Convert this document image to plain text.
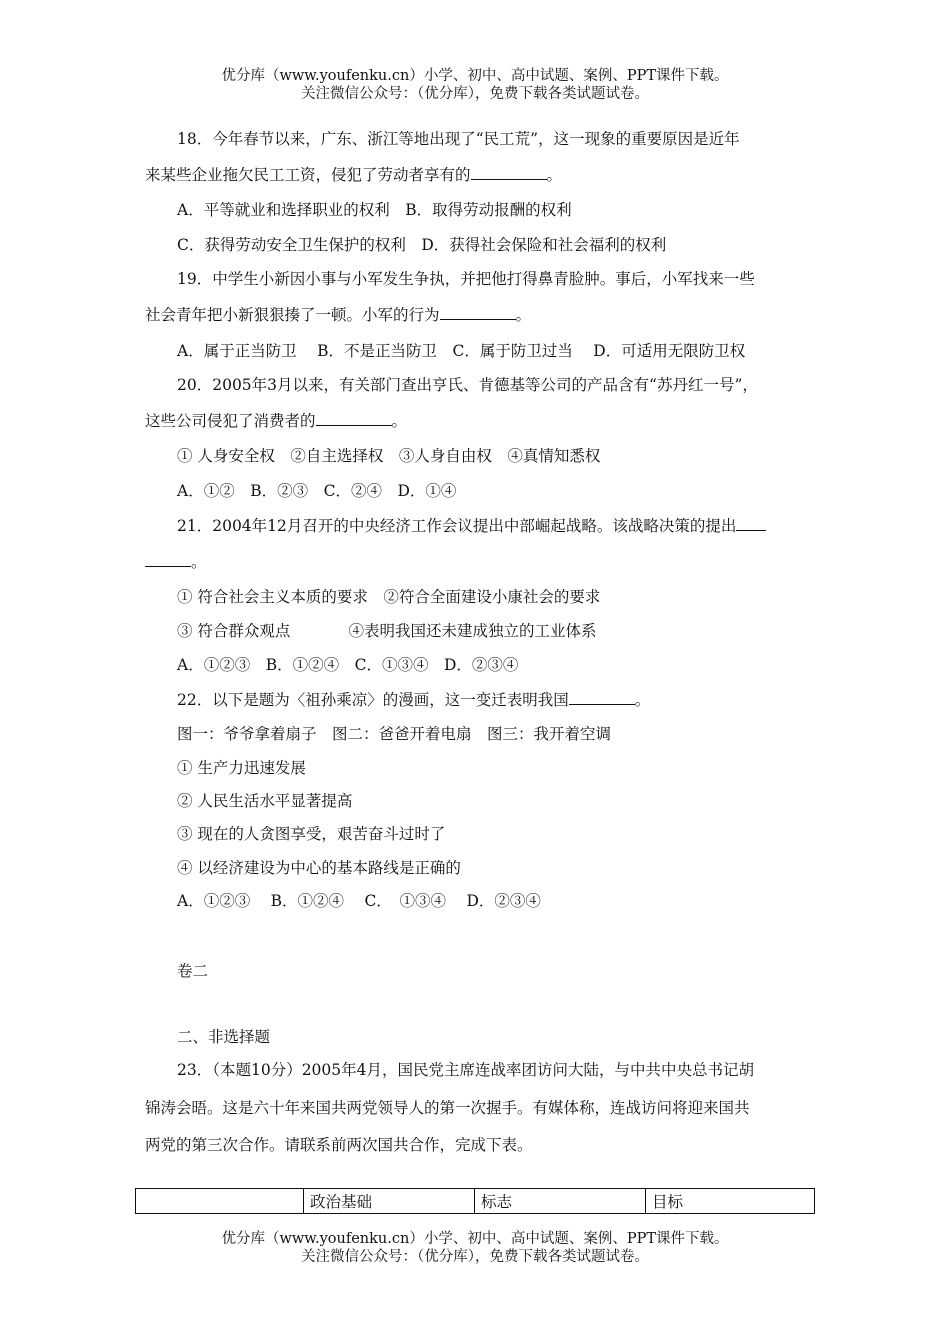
优分库（www.youfenku.cn）小学、初中、高中试题、案例、PPT课件下载。
关注微信公众号：（优分库），免费下载各类试题试卷。
18．今年春节以来，广东、浙江等地出现了“民工荒”，这一现象的重要原因是近年
来某些企业拖欠民工工资，侵犯了劳动者享有的	。
A．平等就业和选择职业的权利　B．取得劳动报酬的权利
C．获得劳动安全卫生保护的权利　D．获得社会保险和社会福利的权利
19．中学生小新因小事与小军发生争执，并把他打得鼻青脸肿。事后，小军找来一些
社会青年把小新狠狠揍了一顿。小军的行为	。
A．属于正当防卫　 B．不是正当防卫　C．属于防卫过当　 D．可适用无限防卫权
20．2005年3月以来，有关部门查出亨氏、肯德基等公司的产品含有“苏丹红一号”，
这些公司侵犯了消费者的	。
① 人身安全权　②自主选择权　③人身自由权　④真情知悉权
A．①②　B．②③　C．②④　D．①④
21．2004年12月召开的中央经济工作会议提出中部崛起战略。该战略决策的提出
。
① 符合社会主义本质的要求　②符合全面建设小康社会的要求
③ 符合群众观点	④表明我国还未建成独立的工业体系
A．①②③　B．①②④　C．①③④　D．②③④
22．以下是题为〈祖孙乘凉〉的漫画，这一变迁表明我国	。
图一：爷爷拿着扇子　图二：爸爸开着电扇　图三：我开着空调
① 生产力迅速发展
② 人民生活水平显著提高
③ 现在的人贪图享受，艰苦奋斗过时了
④ 以经济建设为中心的基本路线是正确的
A．①②③　 B．①②④　 C．　①③④　 D．②③④
卷二
二、非选择题
23．（本题10分）2005年4月，国民党主席连战率团访问大陆，与中共中央总书记胡
锦涛会晤。这是六十年来国共两党领导人的第一次握手。有媒体称，连战访问将迎来国共
两党的第三次合作。请联系前两次国共合作，完成下表。
	政治基础	标志	目标
优分库（www.youfenku.cn）小学、初中、高中试题、案例、PPT课件下载。
关注微信公众号：（优分库），免费下载各类试题试卷。
